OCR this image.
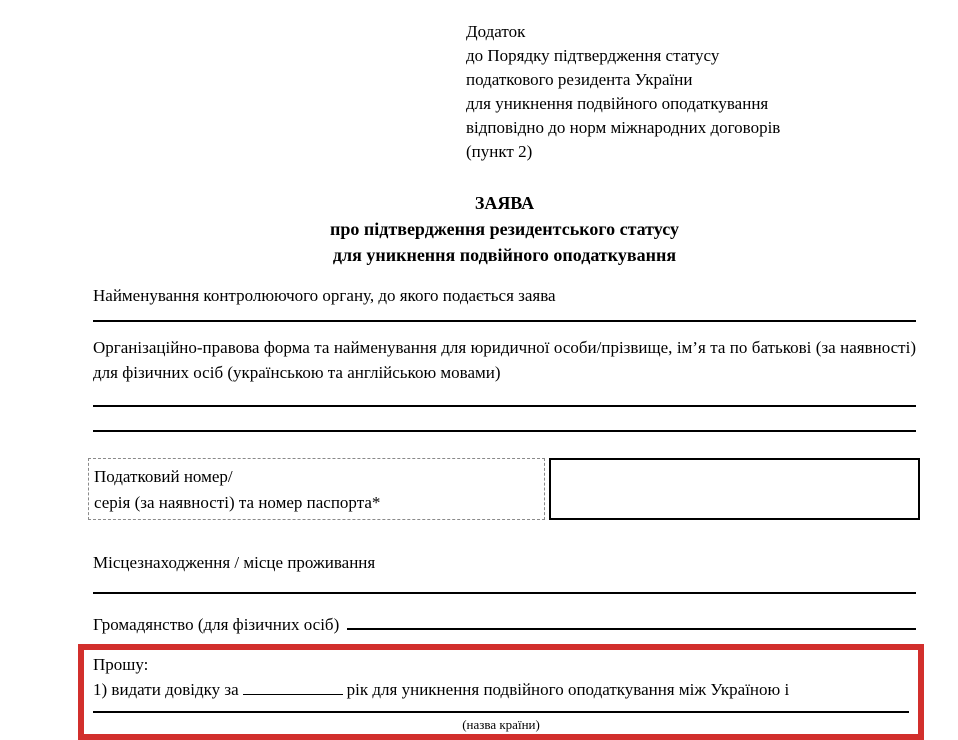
Додаток
до Порядку підтвердження статусу
податкового резидента України
для уникнення подвійного оподаткування
відповідно до норм міжнародних договорів
(пункт 2)
ЗАЯВА
про підтвердження резидентського статусу
для уникнення подвійного оподаткування

Найменування контролюючого органу, до якого подається заява

Організаційно-правова форма та найменування для юридичної особи/прізвище, ім’я та по батькові (за наявності) для фізичних осіб (українською та англійською мовами)

Податковий номер/
серія (за наявності) та номер паспорта*

Місцезнаходження / місце проживання

Громадянство (для фізичних осіб)

Прошу:

1) видати довідку за	рік для уникнення подвійного оподаткування між Україною і

(назва країни)
